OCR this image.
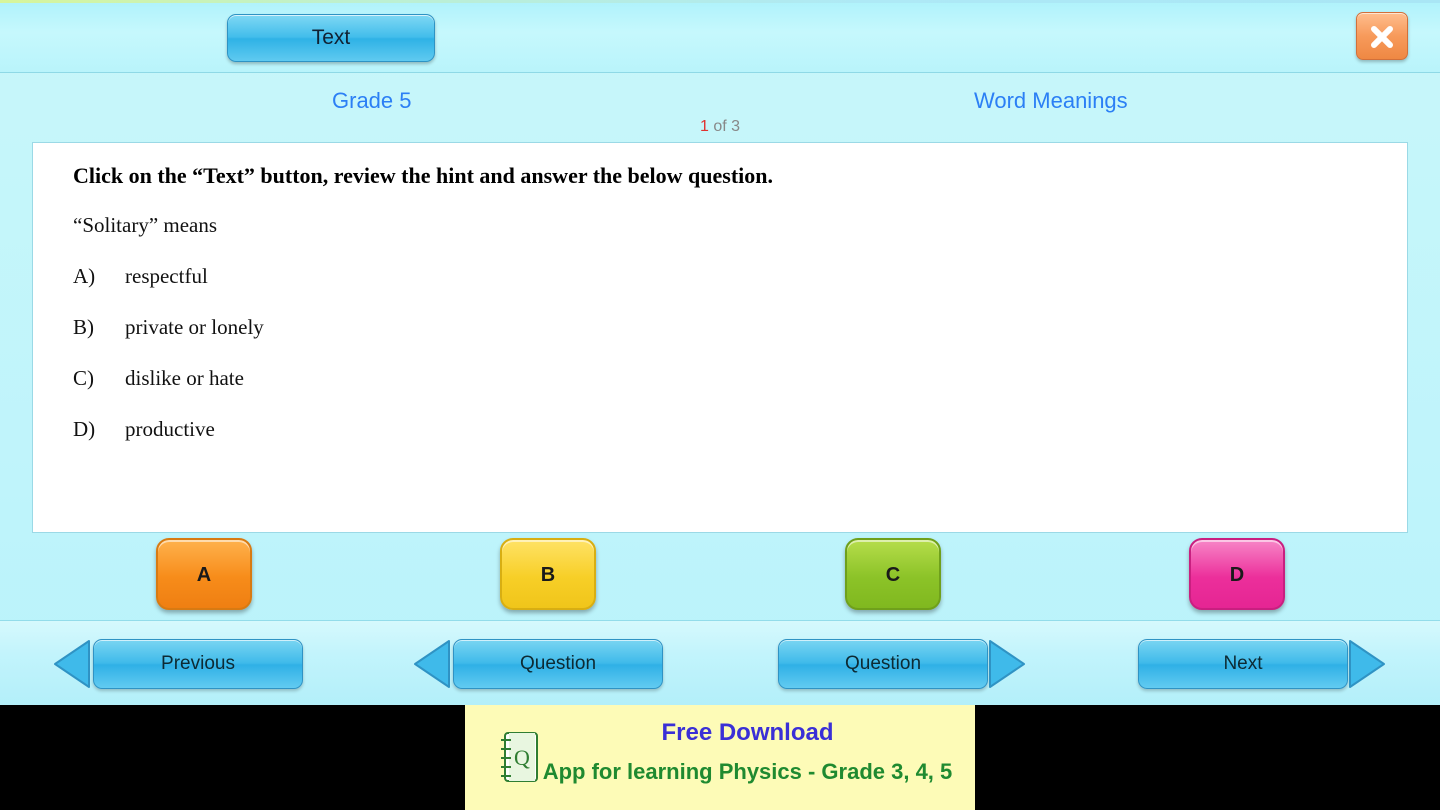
Text
Grade 5	Word Meanings
1 of 3
Click on the “Text” button, review the hint and answer the below question.
“Solitary” means
A)	respectful
B)	private or lonely
C)	dislike or hate
D)	productive
A	B	C	D
Previous	Question	Question	Next
Q
Free Download
App for learning Physics - Grade 3, 4, 5
